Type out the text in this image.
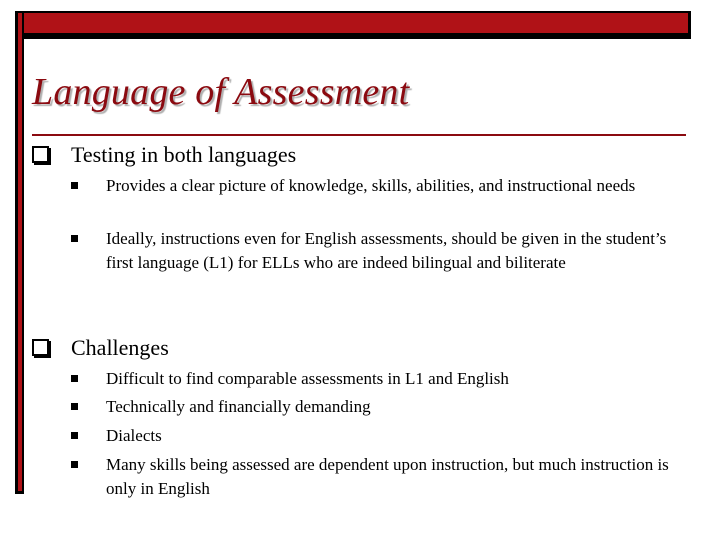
Language of Assessment
Testing in both languages
Provides a clear picture of knowledge, skills, abilities, and instructional needs
Ideally, instructions even for English assessments, should be given in the student’s first language (L1) for ELLs who are indeed bilingual and biliterate
Challenges
Difficult to find comparable assessments in L1 and English
Technically and financially demanding
Dialects
Many skills being assessed are dependent upon instruction, but much instruction is only in English
